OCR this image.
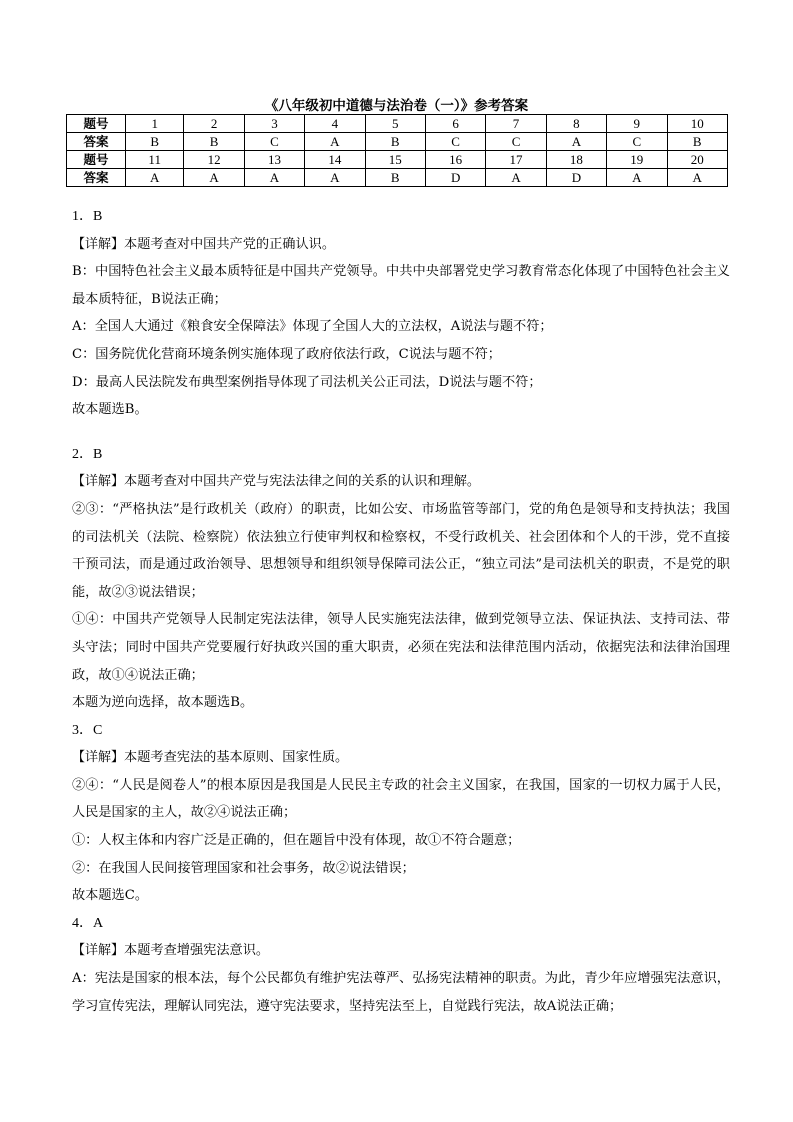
《八年级初中道德与法治卷（一）》参考答案
题号	1	2	3	4	5	6	7	8	9	10
答案	B	B	C	A	B	C	C	A	C	B
题号	11	12	13	14	15	16	17	18	19	20
答案	A	A	A	A	B	D	A	D	A	A

1．B

【详解】本题考查对中国共产党的正确认识。

B：中国特色社会主义最本质特征是中国共产党领导。中共中央部署党史学习教育常态化体现了中国特色社会主义最本质特征，B说法正确；

A：全国人大通过《粮食安全保障法》体现了全国人大的立法权，A说法与题不符；

C：国务院优化营商环境条例实施体现了政府依法行政，C说法与题不符；

D：最高人民法院发布典型案例指导体现了司法机关公正司法，D说法与题不符；

故本题选B。

2．B

【详解】本题考查对中国共产党与宪法法律之间的关系的认识和理解。

②③：“严格执法”是行政机关（政府）的职责，比如公安、市场监管等部门，党的角色是领导和支持执法；我国的司法机关（法院、检察院）依法独立行使审判权和检察权，不受行政机关、社会团体和个人的干涉，党不直接干预司法，而是通过政治领导、思想领导和组织领导保障司法公正，“独立司法”是司法机关的职责，不是党的职能，故②③说法错误；

①④：中国共产党领导人民制定宪法法律，领导人民实施宪法法律，做到党领导立法、保证执法、支持司法、带头守法；同时中国共产党要履行好执政兴国的重大职责，必须在宪法和法律范围内活动，依据宪法和法律治国理政，故①④说法正确；

本题为逆向选择，故本题选B。

3．C

【详解】本题考查宪法的基本原则、国家性质。

②④：“人民是阅卷人”的根本原因是我国是人民民主专政的社会主义国家，在我国，国家的一切权力属于人民，人民是国家的主人，故②④说法正确；

①：人权主体和内容广泛是正确的，但在题旨中没有体现，故①不符合题意；

②：在我国人民间接管理国家和社会事务，故②说法错误；

故本题选C。

4．A

【详解】本题考查增强宪法意识。

A：宪法是国家的根本法，每个公民都负有维护宪法尊严、弘扬宪法精神的职责。为此，青少年应增强宪法意识，学习宣传宪法，理解认同宪法，遵守宪法要求，坚持宪法至上，自觉践行宪法，故A说法正确；
